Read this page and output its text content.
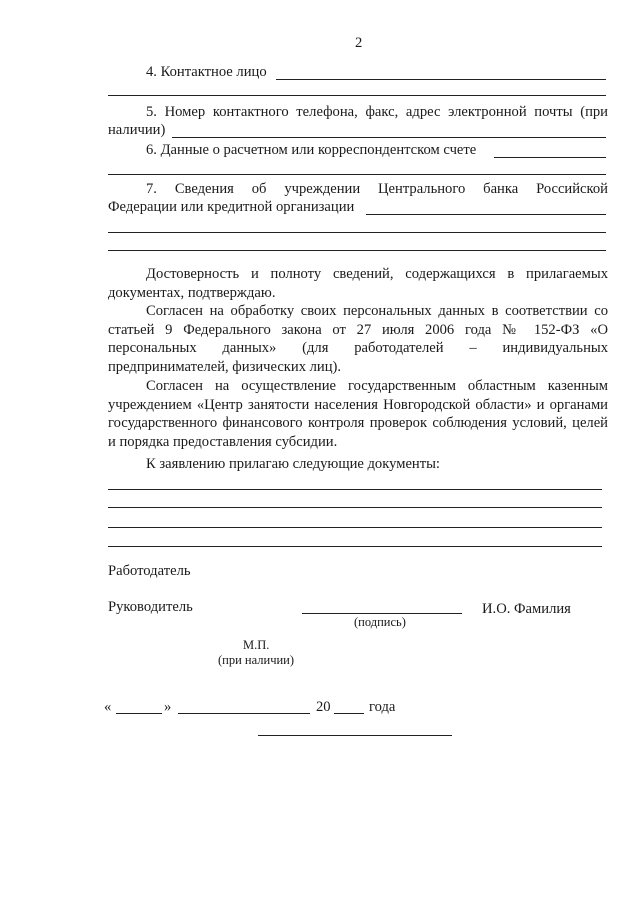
2
4. Контактное лицо
5. Номер контактного телефона, факс, адрес электронной почты (при
наличии)
6. Данные о расчетном или корреспондентском счете
7. Сведения об учреждении Центрального банка Российской
Федерации или кредитной организации
Достоверность и полноту сведений, содержащихся в прилагаемых документах, подтверждаю.
Согласен на обработку своих персональных данных в соответствии со статьей 9 Федерального закона от 27 июля 2006 года № 152-ФЗ «О персональных данных» (для работодателей – индивидуальных предпринимателей, физических лиц).
Согласен на осуществление государственным областным казенным учреждением «Центр занятости населения Новгородской области» и органами государственного финансового контроля проверок соблюдения условий, целей и порядка предоставления субсидии.
К заявлению прилагаю следующие документы:
Работодатель
Руководитель
(подпись)
И.О. Фамилия
М.П.
(при наличии)
«	»	20	года
